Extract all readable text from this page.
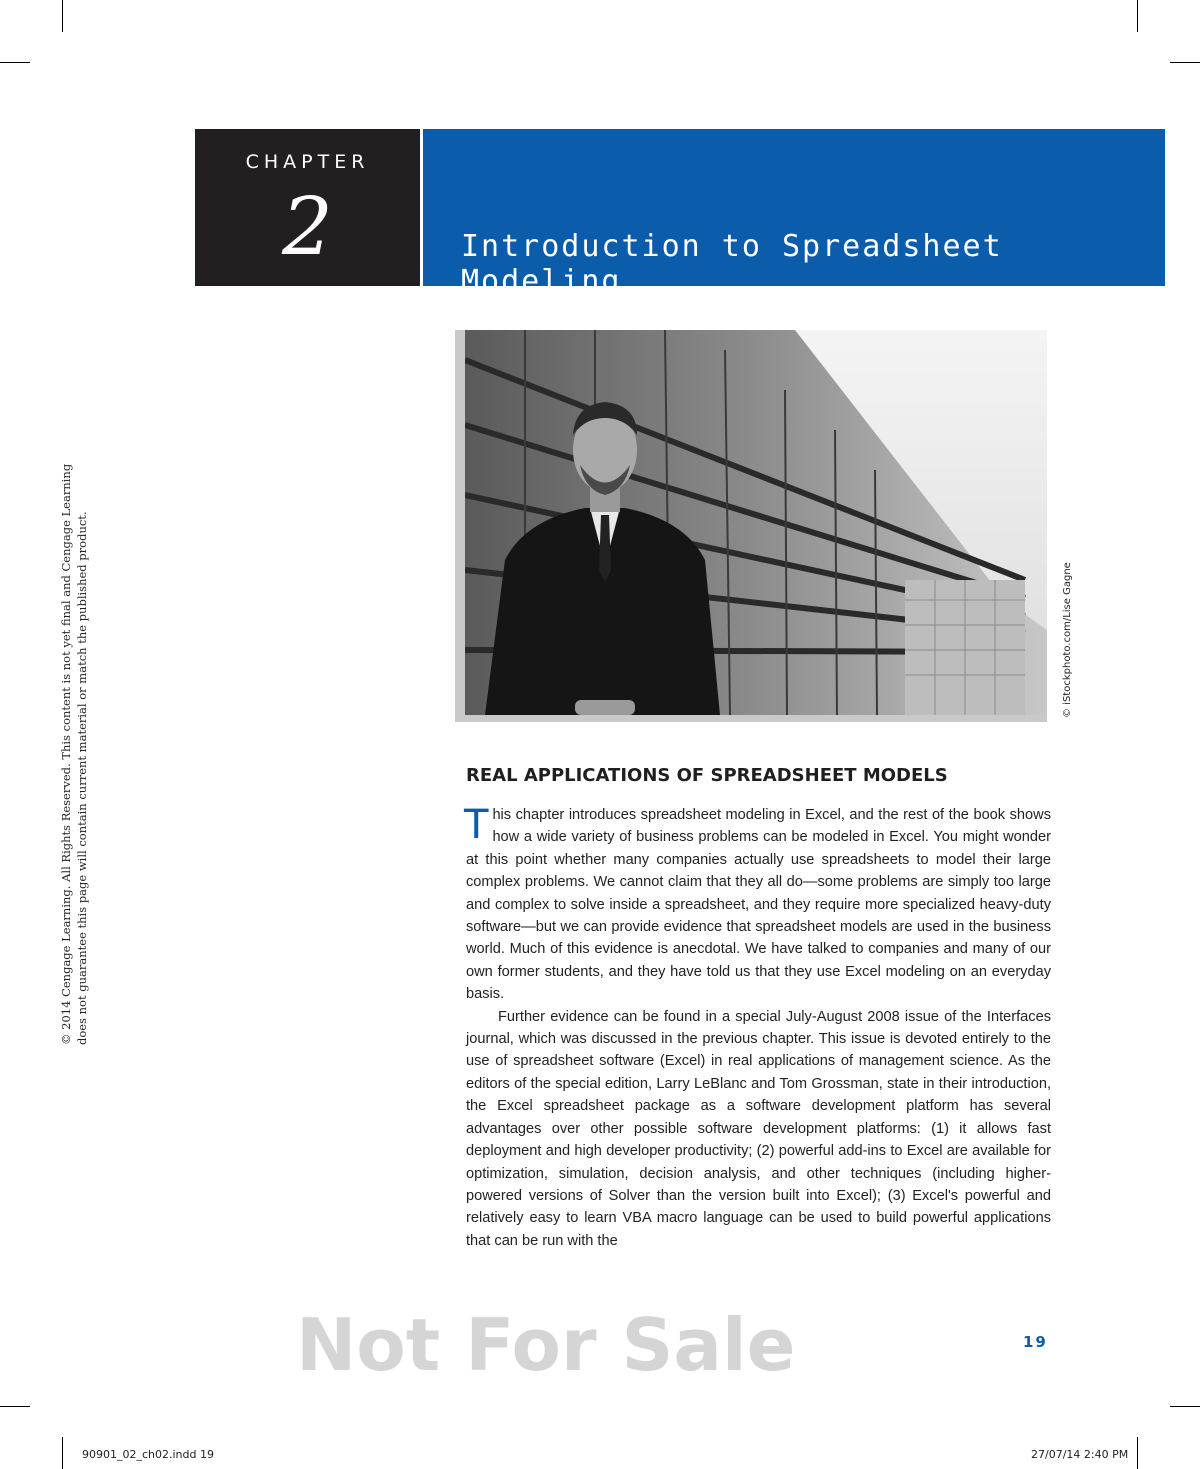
CHAPTER
2	Introduction to Spreadsheet Modeling
© iStockphoto.com/Lise Gagne
© 2014 Cengage Learning. All Rights Reserved. This content is not yet final and Cengage Learning does not guarantee this page will contain current material or match the published product.	REAL APPLICATIONS OF SPREADSHEET MODELS

This chapter introduces spreadsheet modeling in Excel, and the rest of the book shows how a wide variety of business problems can be modeled in Excel. You might wonder at this point whether many companies actually use spreadsheets to model their large complex problems. We cannot claim that they all do—some problems are simply too large and complex to solve inside a spreadsheet, and they require more specialized heavy-duty software—but we can provide evidence that spreadsheet models are used in the business world. Much of this evidence is anecdotal. We have talked to companies and many of our own former students, and they have told us that they use Excel modeling on an everyday basis.

Further evidence can be found in a special July-August 2008 issue of the Interfaces journal, which was discussed in the previous chapter. This issue is devoted entirely to the use of spreadsheet software (Excel) in real applications of management science. As the editors of the special edition, Larry LeBlanc and Tom Grossman, state in their introduction, the Excel spreadsheet package as a software development platform has several advantages over other possible software development platforms: (1) it allows fast deployment and high developer productivity; (2) powerful add-ins to Excel are available for optimization, simulation, decision analysis, and other techniques (including higher-powered versions of Solver than the version built into Excel); (3) Excel's powerful and relatively easy to learn VBA macro language can be used to build powerful applications that can be run with the

Not For Sale	19
90901_02_ch02.indd 19	27/07/14 2:40 PM
